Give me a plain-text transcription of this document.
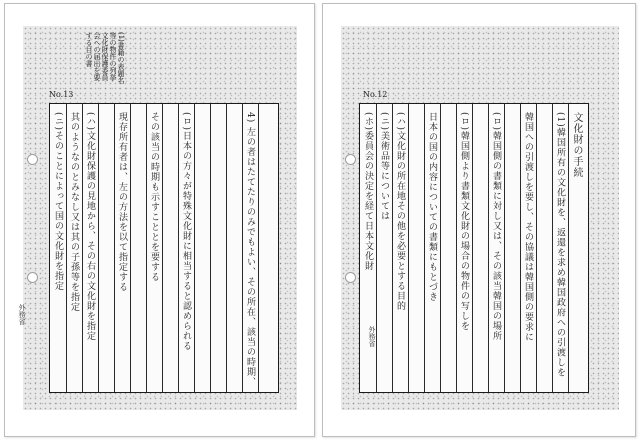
No.13
(1)書籍の表題名
等の物件の列挙
文化財保護委員
会への届出を要
する目の書
4) 左の者はたてたりのみでもよい、その所在、該当の時期、
(ロ)日本の方々が特殊文化財に相当すると認められる
その該当の時期も示すこととを要する
現存所有者は、左の方法を以て指定する
(ハ)文化財保護の見地から、その右の文化財を指定
其のようなのとみなし又は其の子孫等を指定
(ニ)そのことによって国の文化財を指定
外務省
No.12
文化財の手続
(1)韓国所有の文化財を、返還を求め韓国政府への引渡しを
韓国への引渡しを要し、その協議は韓国側の要求に
(ロ)韓国側の書類に対し又は、その該当韓国の場所
(ロ)韓国側より書類文化財の場合の物件の写しを
日本の国の内容についての書類にもとづき
(ハ)文化財の所在地その他を必要とする目的
(ニ)美術品等については
(ホ)委員会の決定を経て日本文化財
外務省
